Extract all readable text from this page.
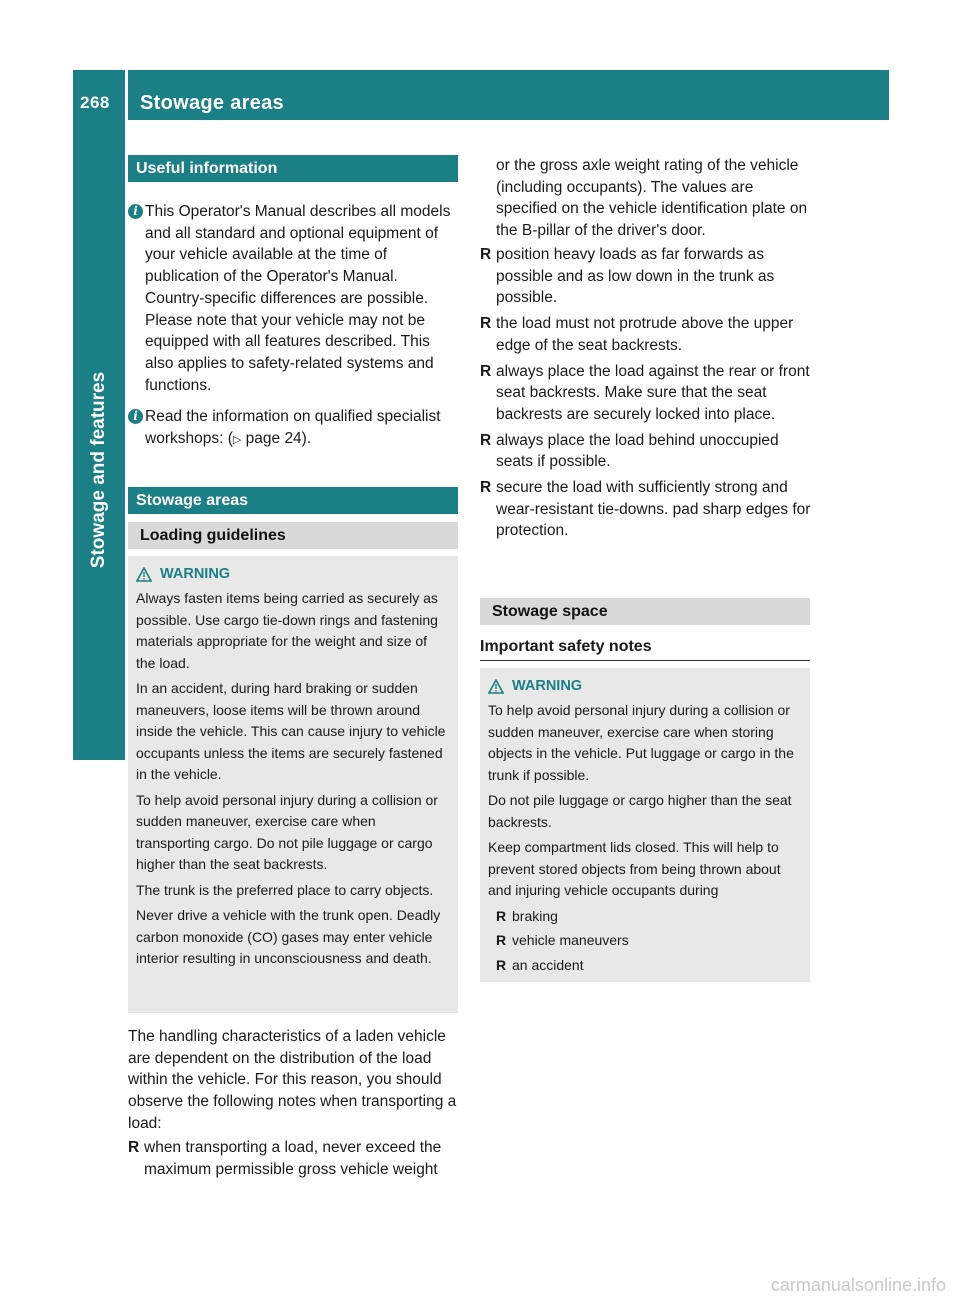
268 Stowage areas
Stowage and features
Useful information
i This Operator's Manual describes all models and all standard and optional equipment of your vehicle available at the time of publication of the Operator's Manual. Country-specific differences are possible. Please note that your vehicle may not be equipped with all features described. This also applies to safety-related systems and functions.
i Read the information on qualified specialist workshops: (▷ page 24).
Stowage areas
Loading guidelines
WARNING

Always fasten items being carried as securely as possible. Use cargo tie-down rings and fastening materials appropriate for the weight and size of the load.

In an accident, during hard braking or sudden maneuvers, loose items will be thrown around inside the vehicle. This can cause injury to vehicle occupants unless the items are securely fastened in the vehicle.

To help avoid personal injury during a collision or sudden maneuver, exercise care when transporting cargo. Do not pile luggage or cargo higher than the seat backrests.

The trunk is the preferred place to carry objects.

Never drive a vehicle with the trunk open. Deadly carbon monoxide (CO) gases may enter vehicle interior resulting in unconsciousness and death.

The handling characteristics of a laden vehicle are dependent on the distribution of the load within the vehicle. For this reason, you should observe the following notes when transporting a load:
R when transporting a load, never exceed the maximum permissible gross vehicle weight
or the gross axle weight rating of the vehicle (including occupants). The values are specified on the vehicle identification plate on the B-pillar of the driver's door.
R position heavy loads as far forwards as possible and as low down in the trunk as possible.
R the load must not protrude above the upper edge of the seat backrests.
R always place the load against the rear or front seat backrests. Make sure that the seat backrests are securely locked into place.
R always place the load behind unoccupied seats if possible.
R secure the load with sufficiently strong and wear-resistant tie-downs. pad sharp edges for protection.
Stowage space
Important safety notes
WARNING

To help avoid personal injury during a collision or sudden maneuver, exercise care when storing objects in the vehicle. Put luggage or cargo in the trunk if possible.

Do not pile luggage or cargo higher than the seat backrests.

Keep compartment lids closed. This will help to prevent stored objects from being thrown about and injuring vehicle occupants during

R braking
R vehicle maneuvers
R an accident
carmanualsonline.info
